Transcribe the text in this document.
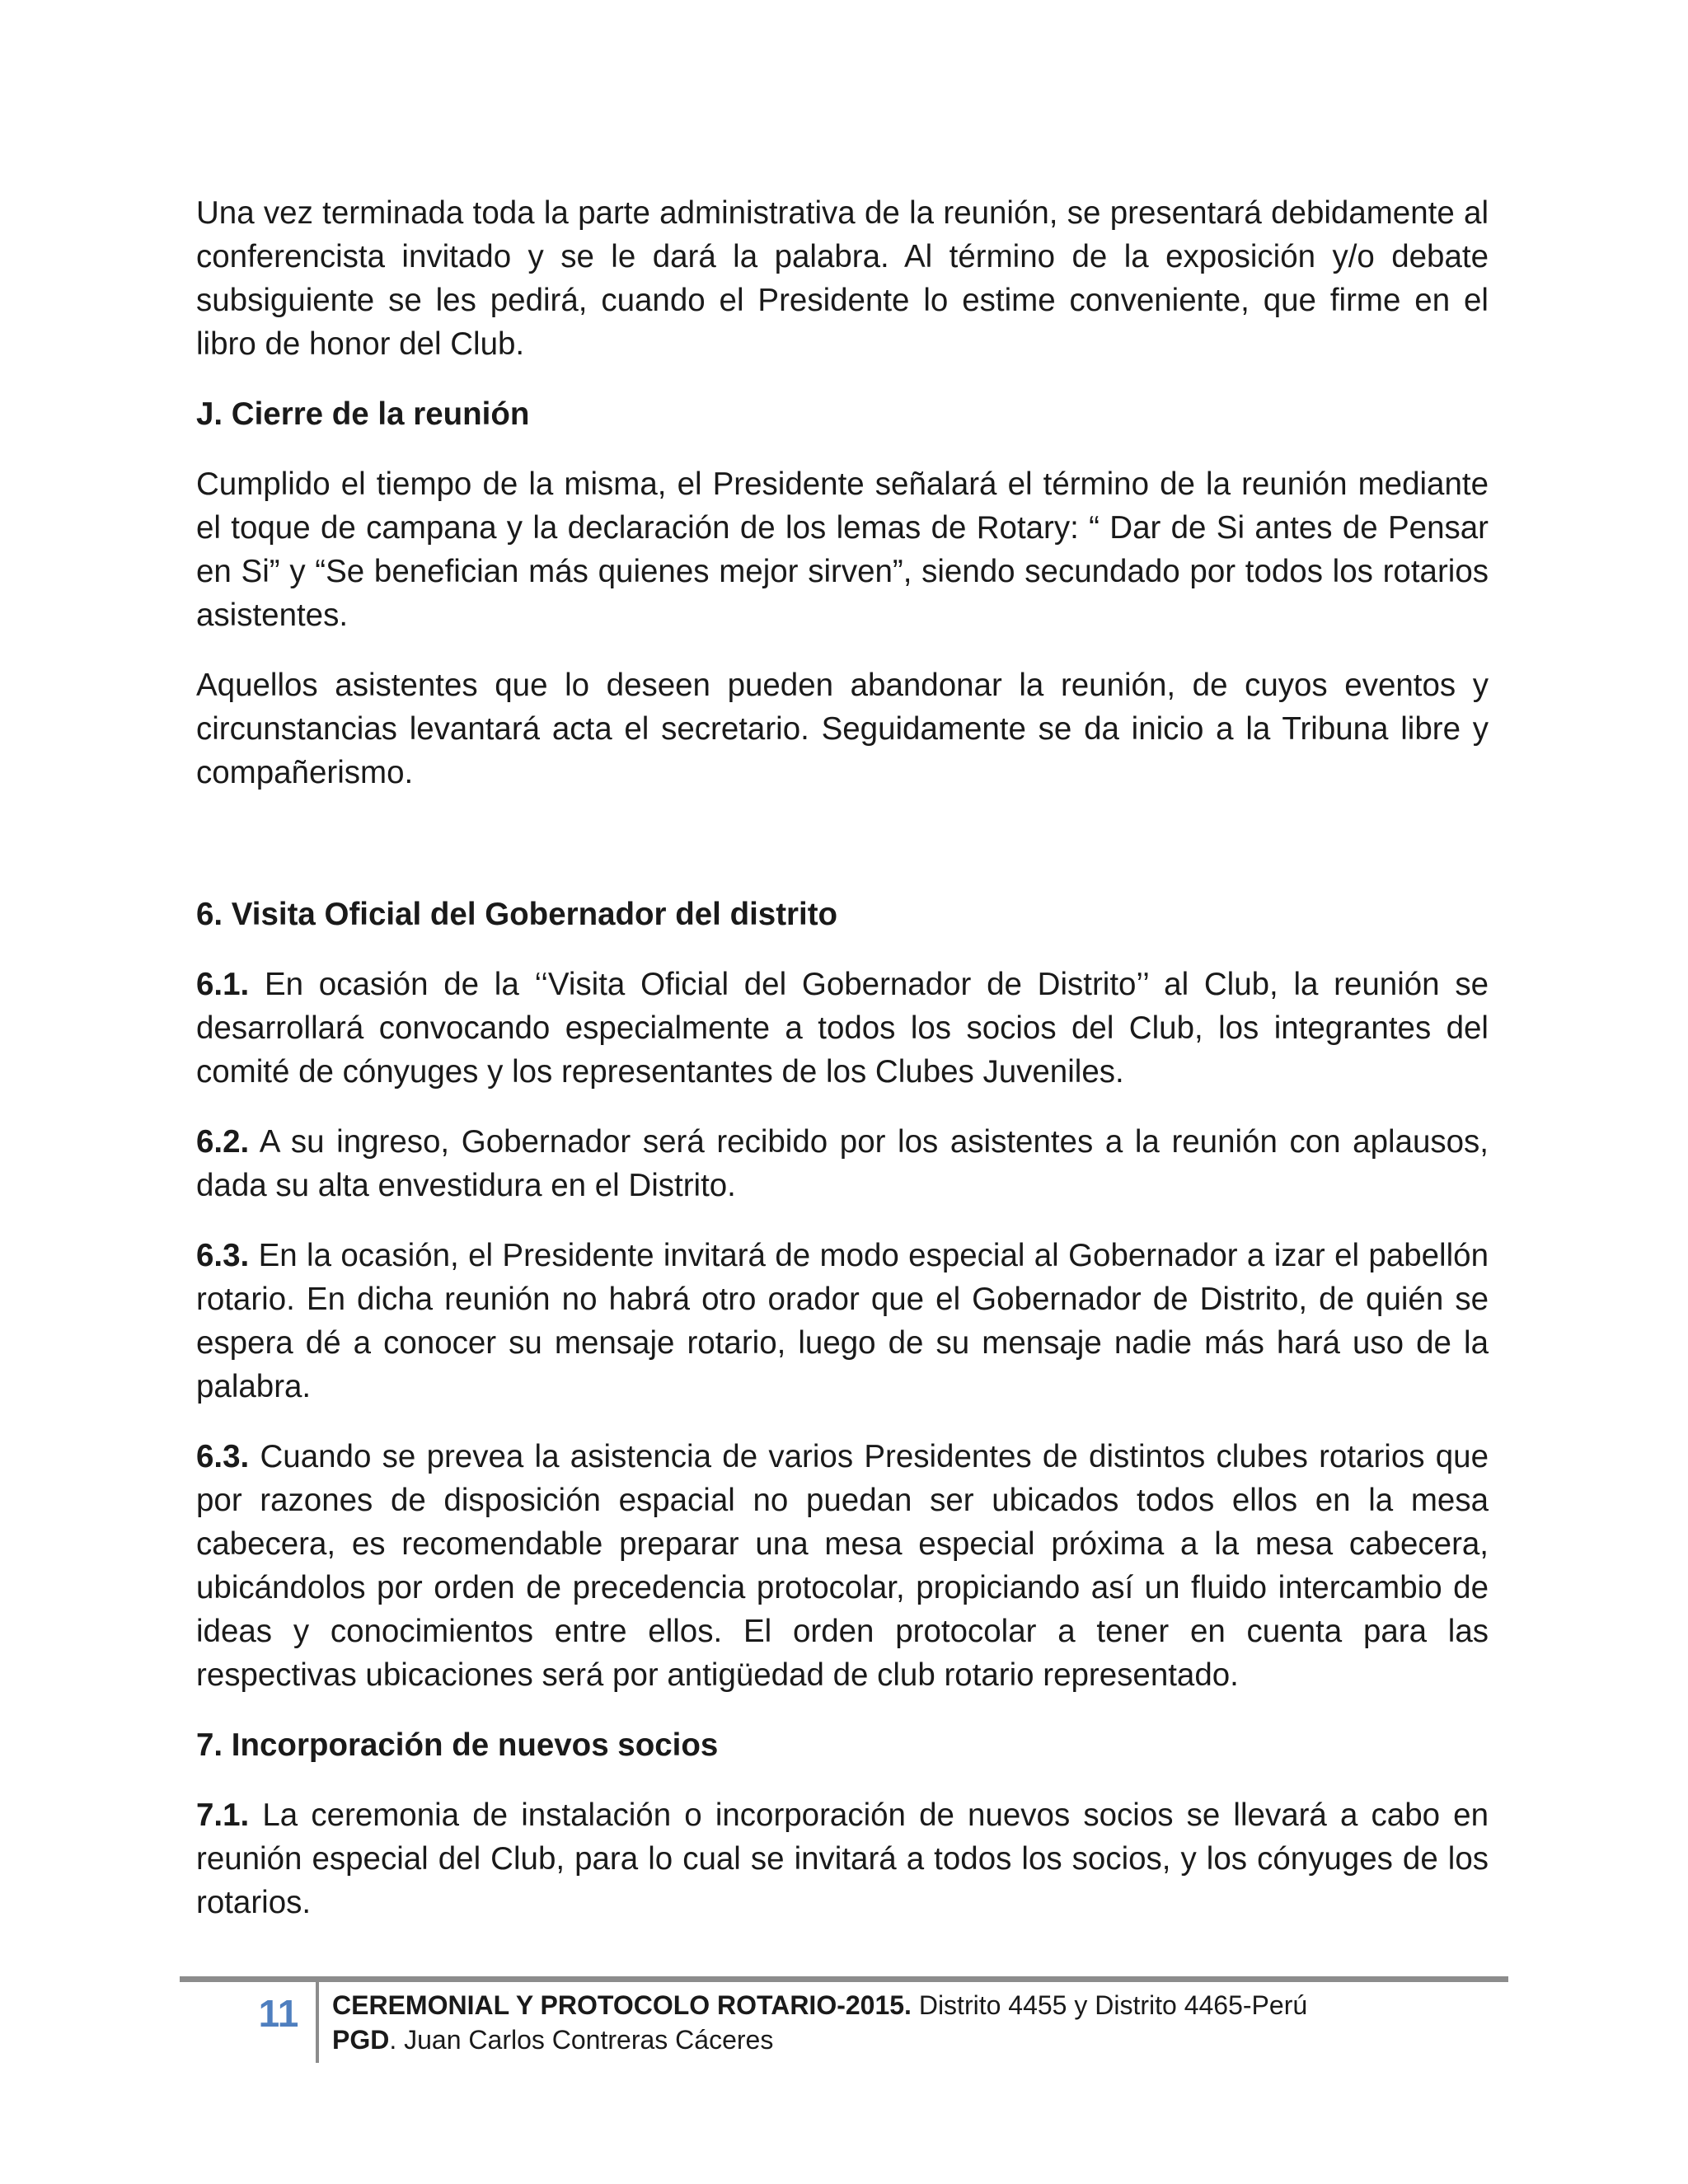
Una vez terminada toda la parte administrativa de la reunión, se presentará debidamente al conferencista invitado y se le dará la palabra. Al término de la exposición y/o debate subsiguiente se les pedirá, cuando el Presidente lo estime conveniente, que firme en el libro de honor del Club.

J. Cierre de la reunión

Cumplido el tiempo de la misma, el Presidente señalará el término de la reunión mediante el toque de campana y la declaración de los lemas de Rotary: “ Dar de Si antes de Pensar en Si” y “Se benefician más quienes mejor sirven”, siendo secundado por todos los rotarios asistentes.

Aquellos asistentes que lo deseen pueden abandonar la reunión, de cuyos eventos y circunstancias levantará acta el secretario. Seguidamente se da inicio a la Tribuna libre y compañerismo.

6. Visita Oficial del Gobernador del distrito

6.1. En ocasión de la ‘‘Visita Oficial del Gobernador de Distrito’’ al Club, la reunión se desarrollará convocando especialmente a todos los socios del Club, los integrantes del comité de cónyuges y los representantes de los Clubes Juveniles.

6.2. A su ingreso, Gobernador será recibido por los asistentes a la reunión con aplausos, dada su alta envestidura en el Distrito.

6.3. En la ocasión, el Presidente invitará de modo especial al Gobernador a izar el pabellón rotario. En dicha reunión no habrá otro orador que el Gobernador de Distrito, de quién se espera dé a conocer su mensaje rotario, luego de su mensaje nadie más hará uso de la palabra.

6.3. Cuando se prevea la asistencia de varios Presidentes de distintos clubes rotarios que por razones de disposición espacial no puedan ser ubicados todos ellos en la mesa cabecera, es recomendable preparar una mesa especial próxima a la mesa cabecera, ubicándolos por orden de precedencia protocolar, propiciando así un fluido intercambio de ideas y conocimientos entre ellos. El orden protocolar a tener en cuenta para las respectivas ubicaciones será por antigüedad de club rotario representado.

7. Incorporación de nuevos socios

7.1. La ceremonia de instalación o incorporación de nuevos socios se llevará a cabo en reunión especial del Club, para lo cual se invitará a todos los socios, y los cónyuges de los rotarios.

11	CEREMONIAL Y PROTOCOLO ROTARIO-2015. Distrito 4455 y Distrito 4465-Perú
PGD. Juan Carlos Contreras Cáceres
